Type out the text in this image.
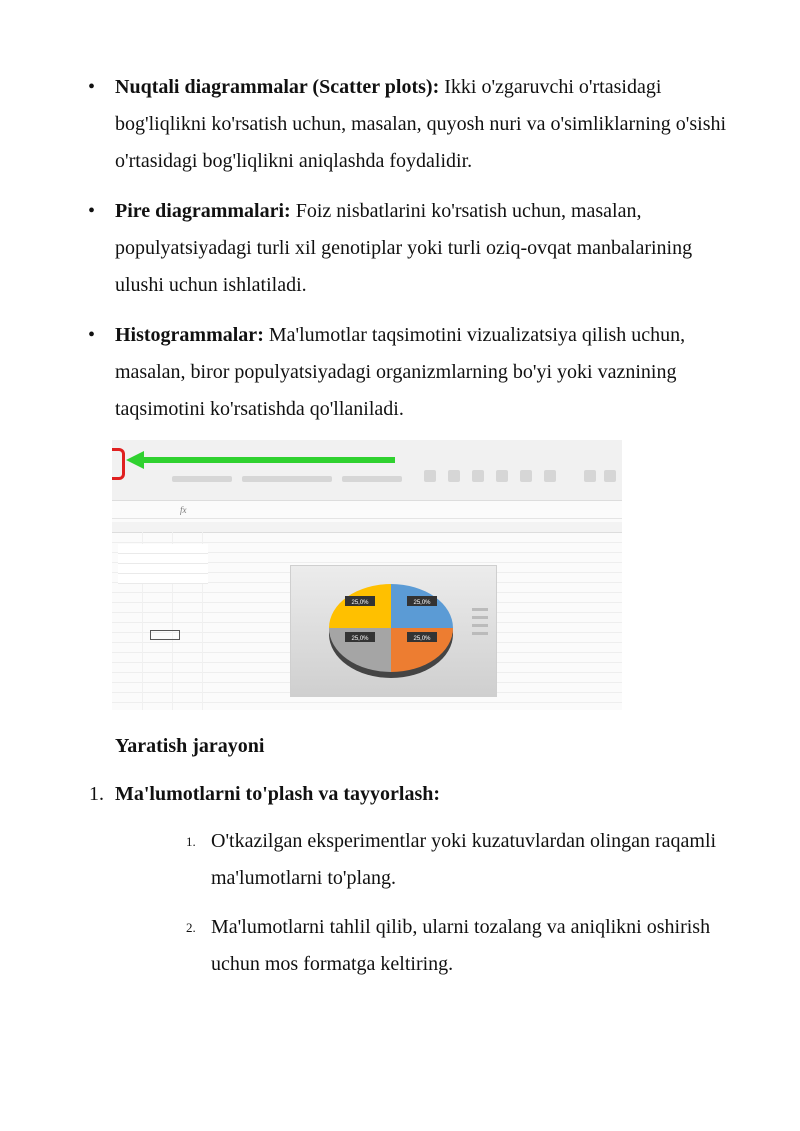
• Nuqtali diagrammalar (Scatter plots): Ikki o'zgaruvchi o'rtasidagi bog'liqlikni ko'rsatish uchun, masalan, quyosh nuri va o'simliklarning o'sishi o'rtasidagi bog'liqlikni aniqlashda foydalidir.
• Pire diagrammalari: Foiz nisbatlarini ko'rsatish uchun, masalan, populyatsiyadagi turli xil genotiplar yoki turli oziq-ovqat manbalarining ulushi uchun ishlatiladi.
• Histogrammalar: Ma'lumotlar taqsimotini vizualizatsiya qilish uchun, masalan, biror populyatsiyadagi organizmlarning bo'yi yoki vaznining taqsimotini ko'rsatishda qo'llaniladi.
fx
25,0%	25,0%
25,0%	25,0%
Yaratish jarayoni
1. Ma'lumotlarni to'plash va tayyorlash:
1. O'tkazilgan eksperimentlar yoki kuzatuvlardan olingan raqamli ma'lumotlarni to'plang.
2. Ma'lumotlarni tahlil qilib, ularni tozalang va aniqlikni oshirish uchun mos formatga keltiring.
